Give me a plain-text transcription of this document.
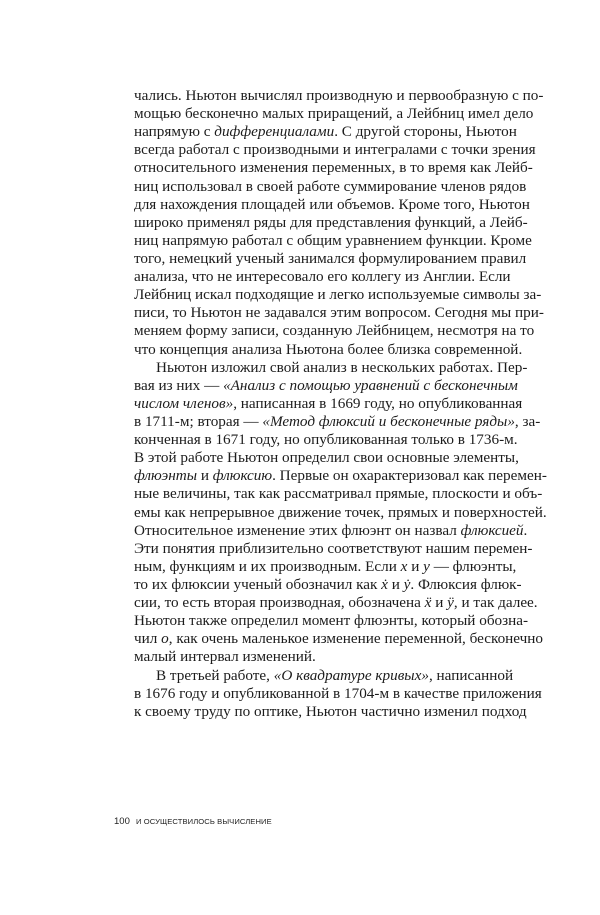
чались. Ньютон вычислял производную и первообразную с по-
мощью бесконечно малых приращений, а Лейбниц имел дело
напрямую с дифференциалами. С другой стороны, Ньютон
всегда работал с производными и интегралами с точки зрения
относительного изменения переменных, в то время как Лейб-
ниц использовал в своей работе суммирование членов рядов
для нахождения площадей или объемов. Кроме того, Ньютон
широко применял ряды для представления функций, а Лейб-
ниц напрямую работал с общим уравнением функции. Кроме
того, немецкий ученый занимался формулированием правил
анализа, что не интересовало его коллегу из Англии. Если
Лейбниц искал подходящие и легко используемые символы за-
писи, то Ньютон не задавался этим вопросом. Сегодня мы при-
меняем форму записи, созданную Лейбницем, несмотря на то
что концепция анализа Ньютона более близка современной.
Ньютон изложил свой анализ в нескольких работах. Пер-
вая из них — «Анализ с помощью уравнений с бесконечным
числом членов», написанная в 1669 году, но опубликованная
в 1711-м; вторая — «Метод флюксий и бесконечные ряды», за-
конченная в 1671 году, но опубликованная только в 1736-м.
В этой работе Ньютон определил свои основные элементы,
флюэнты и флюксию. Первые он охарактеризовал как перемен-
ные величины, так как рассматривал прямые, плоскости и объ-
емы как непрерывное движение точек, прямых и поверхностей.
Относительное изменение этих флюэнт он назвал флюксией.
Эти понятия приблизительно соответствуют нашим перемен-
ным, функциям и их производным. Если x и y — флюэнты,
то их флюксии ученый обозначил как ẋ и ẏ. Флюксия флюк-
сии, то есть вторая производная, обозначена ẍ и ÿ, и так далее.
Ньютон также определил момент флюэнты, который обозна-
чил o, как очень маленькое изменение переменной, бесконечно
малый интервал изменений.
В третьей работе, «О квадратуре кривых», написанной
в 1676 году и опубликованной в 1704-м в качестве приложения
к своему труду по оптике, Ньютон частично изменил подход
100 И ОСУЩЕСТВИЛОСЬ ВЫЧИСЛЕНИЕ
